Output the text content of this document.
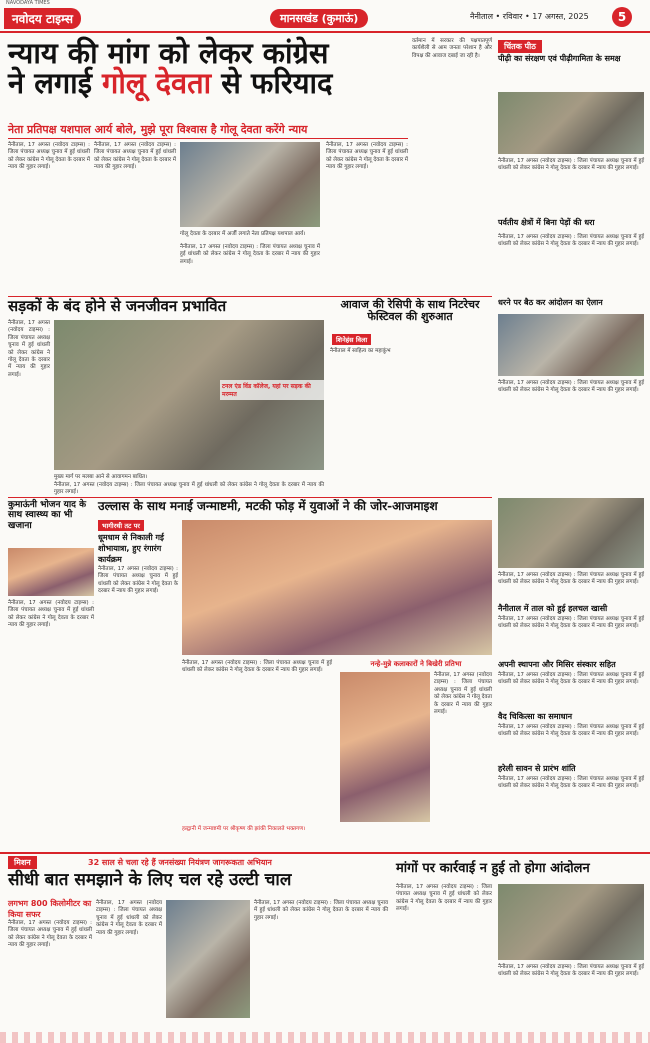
NAVODAYA TIMES
नवोदय टाइम्स	मानसखंड (कुमाऊं)	नैनीताल • रविवार • 17 अगस्त, 2025	5
न्याय की मांग को लेकर कांग्रेस
ने लगाई गोलू देवता से फरियाद
नेता प्रतिपक्ष यशपाल आर्य बोले, मुझे पूरा विश्वास है गोलू देवता करेंगे न्याय
नैनीताल, 17 अगस्त (नवोदय टाइम्स) : जिला पंचायत अध्यक्ष चुनाव में हुई धांधली को लेकर कांग्रेस ने गोलू देवता के दरबार में न्याय की गुहार लगाई।
नैनीताल, 17 अगस्त (नवोदय टाइम्स) : जिला पंचायत अध्यक्ष चुनाव में हुई धांधली को लेकर कांग्रेस ने गोलू देवता के दरबार में न्याय की गुहार लगाई।
गोलू देवता के दरबार में अर्जी लगाते नेता प्रतिपक्ष यशपाल आर्य।
नैनीताल, 17 अगस्त (नवोदय टाइम्स) : जिला पंचायत अध्यक्ष चुनाव में हुई धांधली को लेकर कांग्रेस ने गोलू देवता के दरबार में न्याय की गुहार लगाई।
नैनीताल, 17 अगस्त (नवोदय टाइम्स) : जिला पंचायत अध्यक्ष चुनाव में हुई धांधली को लेकर कांग्रेस ने गोलू देवता के दरबार में न्याय की गुहार लगाई।
वर्तमान में सरकार की पक्षपातपूर्ण कार्यशैली से आम जनता परेशान है और विपक्ष की आवाज दबाई जा रही है।
चिंतक पीठ
पीढ़ी का संरक्षण एवं पीढ़ीगामिता के समक्ष
नैनीताल, 17 अगस्त (नवोदय टाइम्स) : जिला पंचायत अध्यक्ष चुनाव में हुई धांधली को लेकर कांग्रेस ने गोलू देवता के दरबार में न्याय की गुहार लगाई।
पर्वतीय क्षेत्रों में बिना पेड़ों की धरा
नैनीताल, 17 अगस्त (नवोदय टाइम्स) : जिला पंचायत अध्यक्ष चुनाव में हुई धांधली को लेकर कांग्रेस ने गोलू देवता के दरबार में न्याय की गुहार लगाई।
सड़कों के बंद होने से जनजीवन प्रभावित
नैनीताल, 17 अगस्त (नवोदय टाइम्स) : जिला पंचायत अध्यक्ष चुनाव में हुई धांधली को लेकर कांग्रेस ने गोलू देवता के दरबार में न्याय की गुहार लगाई।
टनल एंड विंड कॉलेज, यहां पर सड़क की मरम्मत
मुख्य मार्ग पर मलबा आने से आवागमन बाधित।
नैनीताल, 17 अगस्त (नवोदय टाइम्स) : जिला पंचायत अध्यक्ष चुनाव में हुई धांधली को लेकर कांग्रेस ने गोलू देवता के दरबार में न्याय की गुहार लगाई।
आवाज की रेसिपी के साथ निटरेचर फेस्टिवल की शुरुआत
शिनेहंस विला
नैनीताल में साहित्य का महाकुंभ
धरने पर बैठ कर आंदोलन का ऐलान
नैनीताल, 17 अगस्त (नवोदय टाइम्स) : जिला पंचायत अध्यक्ष चुनाव में हुई धांधली को लेकर कांग्रेस ने गोलू देवता के दरबार में न्याय की गुहार लगाई।
कुमाऊंनी भोजन याद के साथ स्वास्थ्य का भी खजाना
नैनीताल, 17 अगस्त (नवोदय टाइम्स) : जिला पंचायत अध्यक्ष चुनाव में हुई धांधली को लेकर कांग्रेस ने गोलू देवता के दरबार में न्याय की गुहार लगाई।
उल्लास के साथ मनाई जन्माष्टमी, मटकी फोड़ में युवाओं ने की जोर-आजमाइश
भागीरथी तट पर
धूमधाम से निकाली गई शोभायात्रा, हुए रंगारंग कार्यक्रम
नैनीताल, 17 अगस्त (नवोदय टाइम्स) : जिला पंचायत अध्यक्ष चुनाव में हुई धांधली को लेकर कांग्रेस ने गोलू देवता के दरबार में न्याय की गुहार लगाई।
नैनीताल, 17 अगस्त (नवोदय टाइम्स) : जिला पंचायत अध्यक्ष चुनाव में हुई धांधली को लेकर कांग्रेस ने गोलू देवता के दरबार में न्याय की गुहार लगाई।
नन्हे-मुन्ने कलाकारों ने बिखेरी प्रतिभा
नैनीताल, 17 अगस्त (नवोदय टाइम्स) : जिला पंचायत अध्यक्ष चुनाव में हुई धांधली को लेकर कांग्रेस ने गोलू देवता के दरबार में न्याय की गुहार लगाई।
हल्द्वानी में जन्माष्टमी पर श्रीकृष्ण की झांकी निकालते भक्तगण।
नैनीताल, 17 अगस्त (नवोदय टाइम्स) : जिला पंचायत अध्यक्ष चुनाव में हुई धांधली को लेकर कांग्रेस ने गोलू देवता के दरबार में न्याय की गुहार लगाई।
नैनीताल में ताल को हुई हलचल खासी
नैनीताल, 17 अगस्त (नवोदय टाइम्स) : जिला पंचायत अध्यक्ष चुनाव में हुई धांधली को लेकर कांग्रेस ने गोलू देवता के दरबार में न्याय की गुहार लगाई।
अपनी स्थापना और मिसिर संस्कार सहित
नैनीताल, 17 अगस्त (नवोदय टाइम्स) : जिला पंचायत अध्यक्ष चुनाव में हुई धांधली को लेकर कांग्रेस ने गोलू देवता के दरबार में न्याय की गुहार लगाई।
वैद चिकित्सा का समाधान
नैनीताल, 17 अगस्त (नवोदय टाइम्स) : जिला पंचायत अध्यक्ष चुनाव में हुई धांधली को लेकर कांग्रेस ने गोलू देवता के दरबार में न्याय की गुहार लगाई।
हरेली सावन से प्रारंभ शांति
नैनीताल, 17 अगस्त (नवोदय टाइम्स) : जिला पंचायत अध्यक्ष चुनाव में हुई धांधली को लेकर कांग्रेस ने गोलू देवता के दरबार में न्याय की गुहार लगाई।
मिशन	32 साल से चला रहे हैं जनसंख्या नियंत्रण जागरूकता अभियान
सीधी बात समझाने के लिए चल रहे उल्टी चाल
लगभग 800 किलोमीटर का किया सफर
नैनीताल, 17 अगस्त (नवोदय टाइम्स) : जिला पंचायत अध्यक्ष चुनाव में हुई धांधली को लेकर कांग्रेस ने गोलू देवता के दरबार में न्याय की गुहार लगाई।
नैनीताल, 17 अगस्त (नवोदय टाइम्स) : जिला पंचायत अध्यक्ष चुनाव में हुई धांधली को लेकर कांग्रेस ने गोलू देवता के दरबार में न्याय की गुहार लगाई।
नैनीताल, 17 अगस्त (नवोदय टाइम्स) : जिला पंचायत अध्यक्ष चुनाव में हुई धांधली को लेकर कांग्रेस ने गोलू देवता के दरबार में न्याय की गुहार लगाई।
मांगों पर कार्रवाई न हुई तो होगा आंदोलन
नैनीताल, 17 अगस्त (नवोदय टाइम्स) : जिला पंचायत अध्यक्ष चुनाव में हुई धांधली को लेकर कांग्रेस ने गोलू देवता के दरबार में न्याय की गुहार लगाई।
नैनीताल, 17 अगस्त (नवोदय टाइम्स) : जिला पंचायत अध्यक्ष चुनाव में हुई धांधली को लेकर कांग्रेस ने गोलू देवता के दरबार में न्याय की गुहार लगाई।
